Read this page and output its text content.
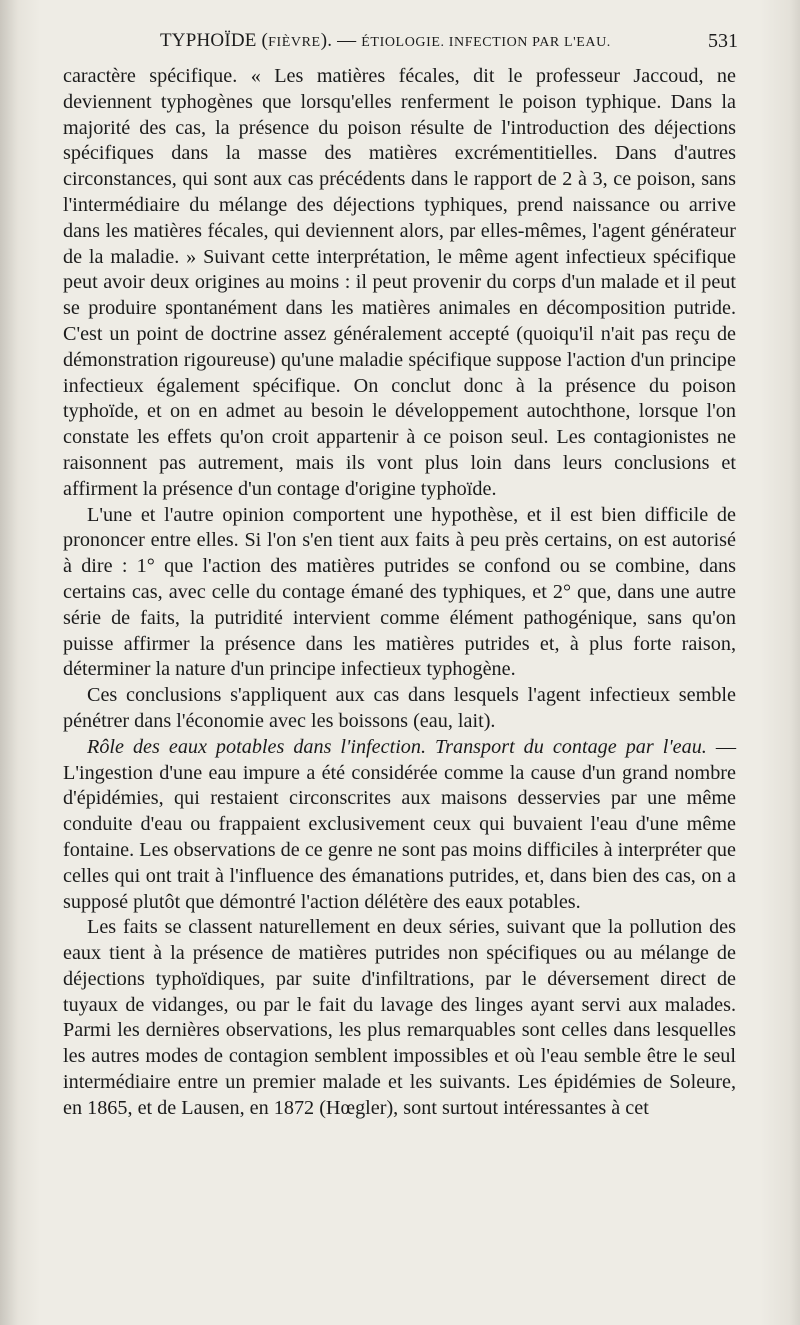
TYPHOÏDE (FIÈVRE). — ÉTIOLOGIE. INFECTION PAR L'EAU.	531

caractère spécifique. « Les matières fécales, dit le professeur Jaccoud, ne deviennent typhogènes que lorsqu'elles renferment le poison typhique. Dans la majorité des cas, la présence du poison résulte de l'introduction des déjections spécifiques dans la masse des matières excrémentitielles. Dans d'autres circonstances, qui sont aux cas précédents dans le rapport de 2 à 3, ce poison, sans l'intermédiaire du mélange des déjections typhiques, prend naissance ou arrive dans les matières fécales, qui deviennent alors, par elles-mêmes, l'agent générateur de la maladie. » Suivant cette interprétation, le même agent infectieux spécifique peut avoir deux origines au moins : il peut provenir du corps d'un malade et il peut se produire spontanément dans les matières animales en décomposition putride. C'est un point de doctrine assez généralement accepté (quoiqu'il n'ait pas reçu de démonstration rigoureuse) qu'une maladie spécifique suppose l'action d'un principe infectieux également spécifique. On conclut donc à la présence du poison typhoïde, et on en admet au besoin le développement autochthone, lorsque l'on constate les effets qu'on croit appartenir à ce poison seul. Les contagionistes ne raisonnent pas autrement, mais ils vont plus loin dans leurs conclusions et affirment la présence d'un contage d'origine typhoïde.

L'une et l'autre opinion comportent une hypothèse, et il est bien difficile de prononcer entre elles. Si l'on s'en tient aux faits à peu près certains, on est autorisé à dire : 1° que l'action des matières putrides se confond ou se combine, dans certains cas, avec celle du contage émané des typhiques, et 2° que, dans une autre série de faits, la putridité intervient comme élément pathogénique, sans qu'on puisse affirmer la présence dans les matières putrides et, à plus forte raison, déterminer la nature d'un principe infectieux typhogène.

Ces conclusions s'appliquent aux cas dans lesquels l'agent infectieux semble pénétrer dans l'économie avec les boissons (eau, lait).

Rôle des eaux potables dans l'infection. Transport du contage par l'eau. — L'ingestion d'une eau impure a été considérée comme la cause d'un grand nombre d'épidémies, qui restaient circonscrites aux maisons desservies par une même conduite d'eau ou frappaient exclusivement ceux qui buvaient l'eau d'une même fontaine. Les observations de ce genre ne sont pas moins difficiles à interpréter que celles qui ont trait à l'influence des émanations putrides, et, dans bien des cas, on a supposé plutôt que démontré l'action délétère des eaux potables.

Les faits se classent naturellement en deux séries, suivant que la pollution des eaux tient à la présence de matières putrides non spécifiques ou au mélange de déjections typhoïdiques, par suite d'infiltrations, par le déversement direct de tuyaux de vidanges, ou par le fait du lavage des linges ayant servi aux malades. Parmi les dernières observations, les plus remarquables sont celles dans lesquelles les autres modes de contagion semblent impossibles et où l'eau semble être le seul intermédiaire entre un premier malade et les suivants. Les épidémies de Soleure, en 1865, et de Lausen, en 1872 (Hœgler), sont surtout intéressantes à cet
